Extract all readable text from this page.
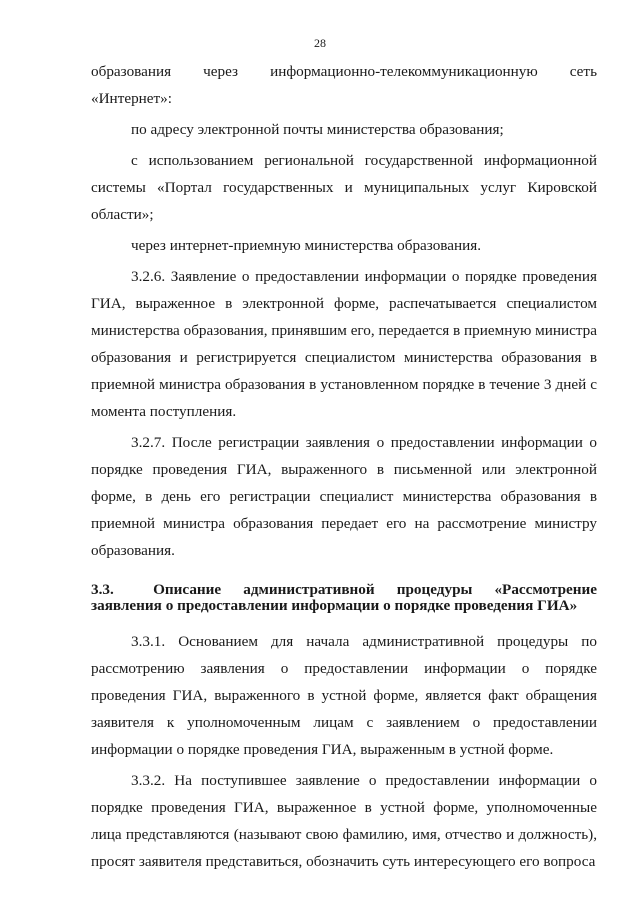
28

образования через информационно-телекоммуникационную сеть «Интернет»:

по адресу электронной почты министерства образования;

с использованием региональной государственной информационной системы «Портал государственных и муниципальных услуг Кировской области»;

через интернет-приемную министерства образования.

3.2.6. Заявление о предоставлении информации о порядке проведения ГИА, выраженное в электронной форме, распечатывается специалистом министерства образования, принявшим его, передается в приемную министра образования и регистрируется специалистом министерства образования в приемной министра образования в установленном порядке в течение 3 дней с момента поступления.

3.2.7. После регистрации заявления о предоставлении информации о порядке проведения ГИА, выраженного в письменной или электронной форме, в день его регистрации специалист министерства образования в приемной министра образования передает его на рассмотрение министру образования.

3.3.	Описание административной процедуры «Рассмотрение заявления о предоставлении информации о порядке проведения ГИА»

3.3.1. Основанием для начала административной процедуры по рассмотрению заявления о предоставлении информации о порядке проведения ГИА, выраженного в устной форме, является факт обращения заявителя к уполномоченным лицам с заявлением о предоставлении информации о порядке проведения ГИА, выраженным в устной форме.

3.3.2. На поступившее заявление о предоставлении информации о порядке проведения ГИА, выраженное в устной форме, уполномоченные лица представляются (называют свою фамилию, имя, отчество и должность), просят заявителя представиться, обозначить суть интересующего его вопроса
